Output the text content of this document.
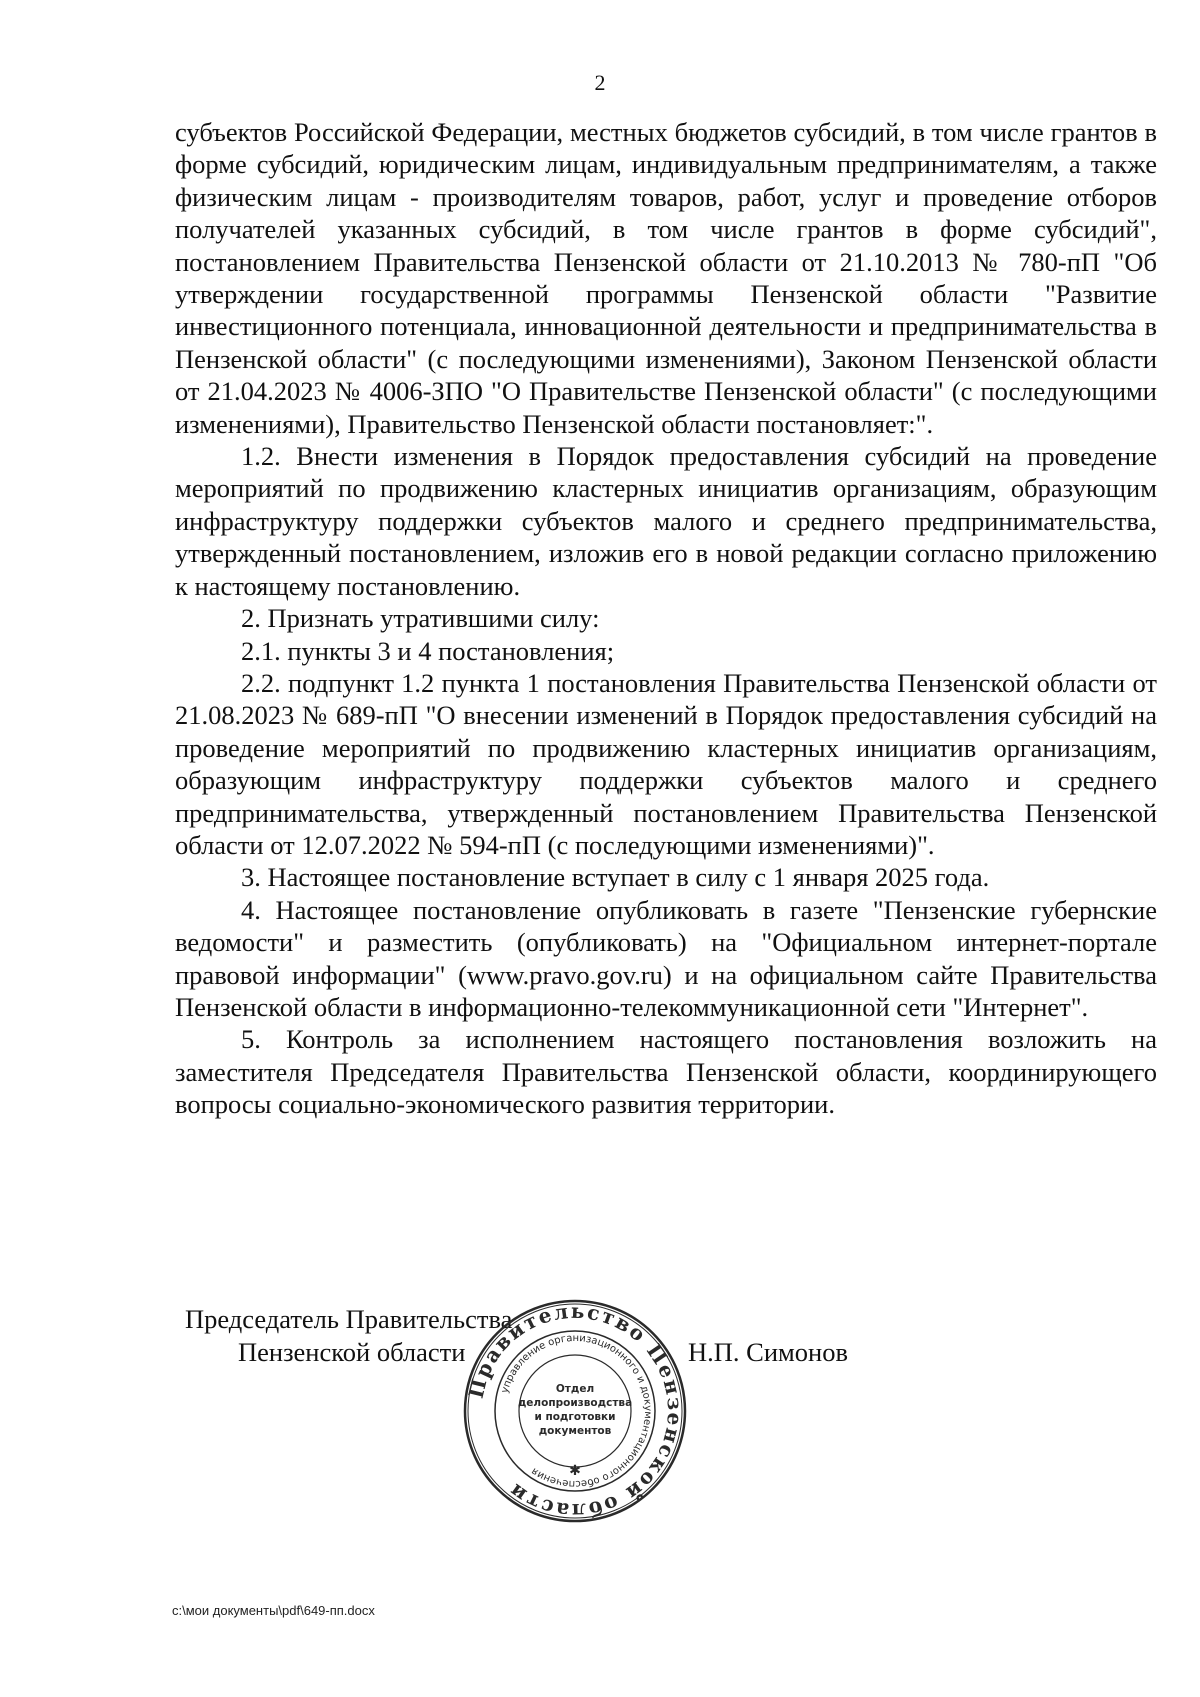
2

субъектов Российской Федерации, местных бюджетов субсидий, в том числе грантов в форме субсидий, юридическим лицам, индивидуальным предпринимателям, а также физическим лицам - производителям товаров, работ, услуг и проведение отборов получателей указанных субсидий, в том числе грантов в форме субсидий", постановлением Правительства Пензенской области от 21.10.2013 № 780-пП "Об утверждении государственной программы Пензенской области "Развитие инвестиционного потенциала, инновационной деятельности и предпринимательства в Пензенской области" (с последующими изменениями), Законом Пензенской области от 21.04.2023 № 4006-ЗПО "О Правительстве Пензенской области" (с последующими изменениями), Правительство Пензенской области постановляет:".

1.2. Внести изменения в Порядок предоставления субсидий на проведение мероприятий по продвижению кластерных инициатив организациям, образующим инфраструктуру поддержки субъектов малого и среднего предпринимательства, утвержденный постановлением, изложив его в новой редакции согласно приложению к настоящему постановлению.

2. Признать утратившими силу:

2.1. пункты 3 и 4 постановления;

2.2. подпункт 1.2 пункта 1 постановления Правительства Пензенской области от 21.08.2023 № 689-пП "О внесении изменений в Порядок предоставления субсидий на проведение мероприятий по продвижению кластерных инициатив организациям, образующим инфраструктуру поддержки субъектов малого и среднего предпринимательства, утвержденный постановлением Правительства Пензенской области от 12.07.2022 № 594-пП (с последующими изменениями)".

3. Настоящее постановление вступает в силу с 1 января 2025 года.

4. Настоящее постановление опубликовать в газете "Пензенские губернские ведомости" и разместить (опубликовать) на "Официальном интернет-портале правовой информации" (www.pravo.gov.ru) и на официальном сайте Правительства Пензенской области в информационно-телекоммуникационной сети "Интернет".

5. Контроль за исполнением настоящего постановления возложить на заместителя Председателя Правительства Пензенской области, координирующего вопросы социально-экономического развития территории.

Председатель Правительства
Пензенской области	Н.П. Симонов
Правительство Пензенской области
управление организационного и документационного обеспечения
Отдел
делопроизводства
и подготовки
документов
✱
c:\мои документы\pdf\649-пп.docx
